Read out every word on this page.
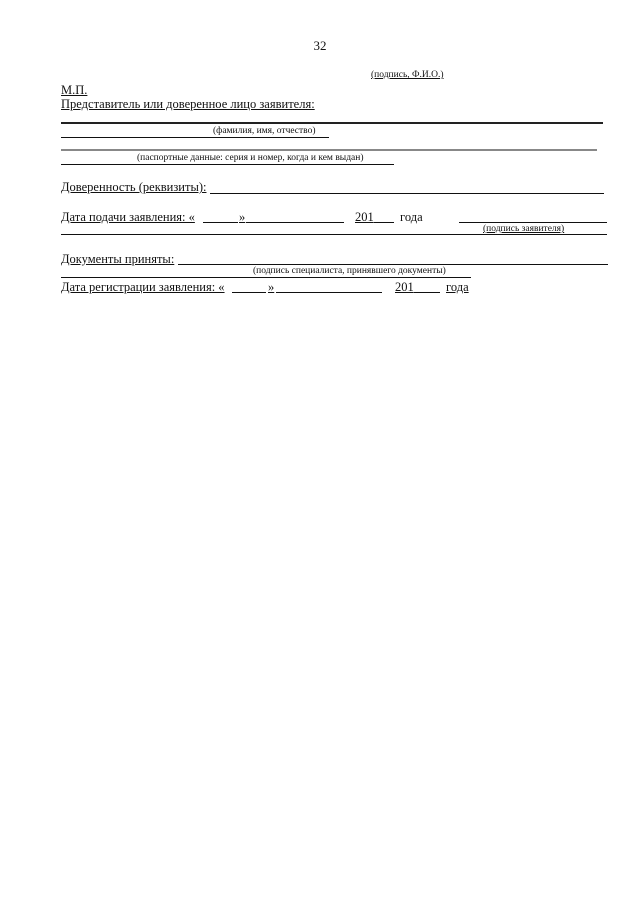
32
(подпись, Ф.И.О.)
М.П.
Представитель или доверенное лицо заявителя:
(фамилия, имя, отчество)
(паспортные данные: серия и номер, когда и кем выдан)
Доверенность (реквизиты):
Дата подачи заявления: «	»	201 года
(подпись заявителя)
Документы приняты:
(подпись специалиста, принявшего документы)
Дата регистрации заявления: «	»	201	года
